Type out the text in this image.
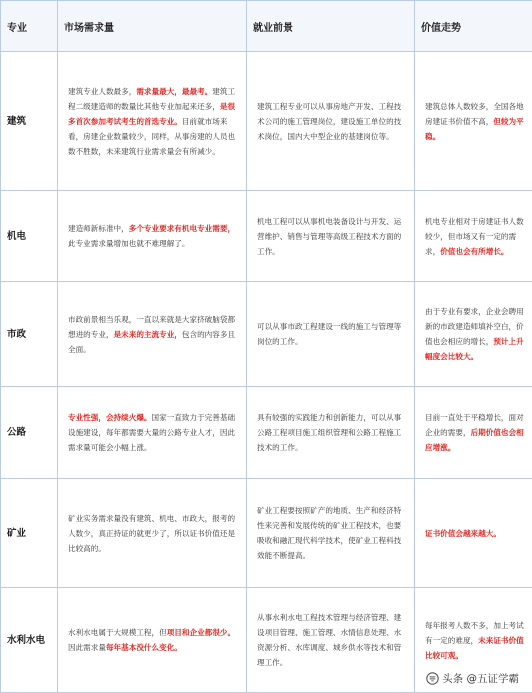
专业	市场需求量	就业前景	价值走势
建筑	建筑专业人数最多，需求量最大，最最考。建筑工程二级建造师的数量比其他专业加起来还多，是很多首次参加考试考生的首选专业。目前就市场来看，房建企业数量较少，同样，从事房建的人员也数不胜数，未来建筑行业需求量会有所减少。	建筑工程专业可以从事房地产开发、工程技术公司的施工管理岗位，建设施工单位的技术岗位，国内大中型企业的基建岗位等。	建筑总体人数较多，全国各地房建证书价值不高，但较为平稳。
机电	建造师新标准中，多个专业要求有机电专业需要，此专业需求量增加也就不难理解了。	机电工程可以从事机电装备设计与开发、运营维护、销售与管理等高级工程技术方面的工作。	机电专业相对于房建证书人数较少，但市场又有一定的需求，价值也会有所增长。
市政	市政前景相当乐观，一直以来就是大家挤破脑袋都想进的专业，是未来的主流专业，包含的内容多且全面。	可以从事市政工程建设一线的施工与管理等岗位的工作。	由于专业有要求，企业会聘用新的市政建造师填补空白，价值也会相应的增长，预计上升幅度会比较大。
公路	专业性强，会持续火爆。国家一直致力于完善基础设施建设，每年都需要大量的公路专业人才，因此需求量可能会小幅上涨。	具有较强的实践能力和创新能力，可以从事公路工程项目施工组织管理和公路工程施工技术的工作。	目前一直处于平稳增长，面对企业的需要，后期价值也会相应增涨。
矿业	矿业实务需求量没有建筑、机电、市政大，报考的人数少，真正持证的就更少了，所以证书价值还是比较高的。	矿业工程要按照矿产的地质、生产和经济特性来完善和发展传统的矿业工程技术，也要吸收和融汇现代科学技术，使矿业工程科技效能不断提高。	证书价值会越来越大。
水利水电	水利水电属于大规模工程，但项目和企业都很少。因此需求量每年基本没什么变化。	从事水利水电工程技术管理与经济管理、建设项目管理、施工管理、水情信息处理、水资源分析、水库调度、城乡供水等技术和管理工作。	每年报考人数不多，加上考试有一定的难度，未来证书价值比较可观。
头条 @五证学霸
